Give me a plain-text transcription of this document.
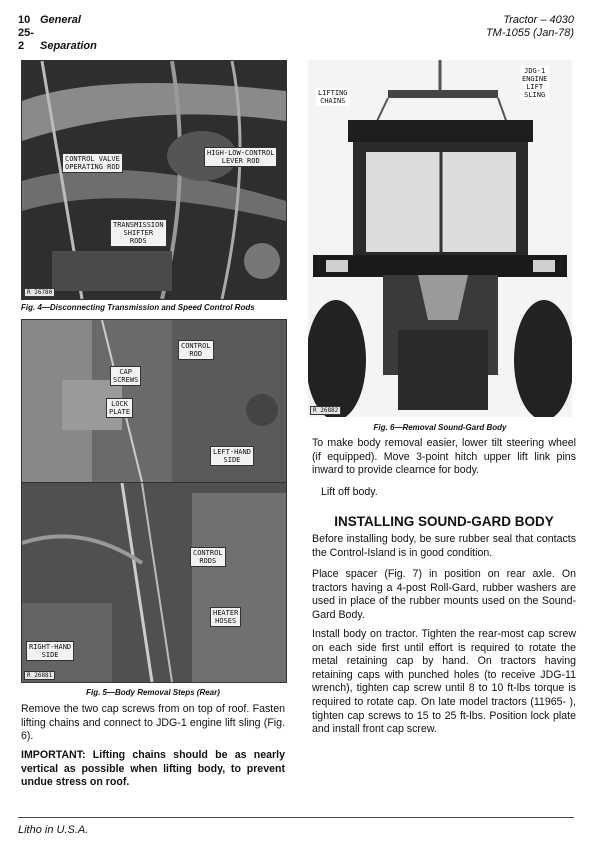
10 General
25-2 Separation
Tractor – 4030
TM-1055 (Jan-78)
CONTROL VALVE
OPERATING ROD
HIGH-LOW-CONTROL
LEVER ROD
TRANSMISSION
SHIFTER
RODS
R 26780
Fig. 4—Disconnecting Transmission and Speed Control Rods
CONTROL
ROD
CAP
SCREWS
LOCK
PLATE
LEFT-HAND
SIDE
CONTROL
RODS
HEATER
HOSES
RIGHT-HAND
SIDE
R 26881
Fig. 5—Body Removal Steps (Rear)
Remove the two cap screws from on top of roof. Fasten lifting chains and connect to JDG-1 engine lift sling (Fig. 6).
IMPORTANT: Lifting chains should be as nearly vertical as possible when lifting body, to prevent undue stress on roof.
LIFTING
CHAINS
JDG-1
ENGINE
LIFT
SLING
R 26882
Fig. 6—Removal Sound-Gard Body
To make body removal easier, lower tilt steering wheel (if equipped). Move 3-point hitch upper lift link pins inward to provide clearnce for body.
Lift off body.
INSTALLING SOUND-GARD BODY
Before installing body, be sure rubber seal that contacts the Control-Island is in good condition.
Place spacer (Fig. 7) in position on rear axle. On tractors having a 4-post Roll-Gard, rubber washers are used in place of the rubber mounts used on the Sound-Gard Body.
Install body on tractor. Tighten the rear-most cap screw on each side first until effort is required to rotate the metal retaining cap by hand. On tractors having retaining caps with punched holes (to receive JDG-11 wrench), tighten cap screw until 8 to 10 ft-lbs torque is required to rotate cap. On late model tractors (11965- ), tighten cap screws to 15 to 25 ft-lbs. Position lock plate and install front cap screw.
Litho in U.S.A.
